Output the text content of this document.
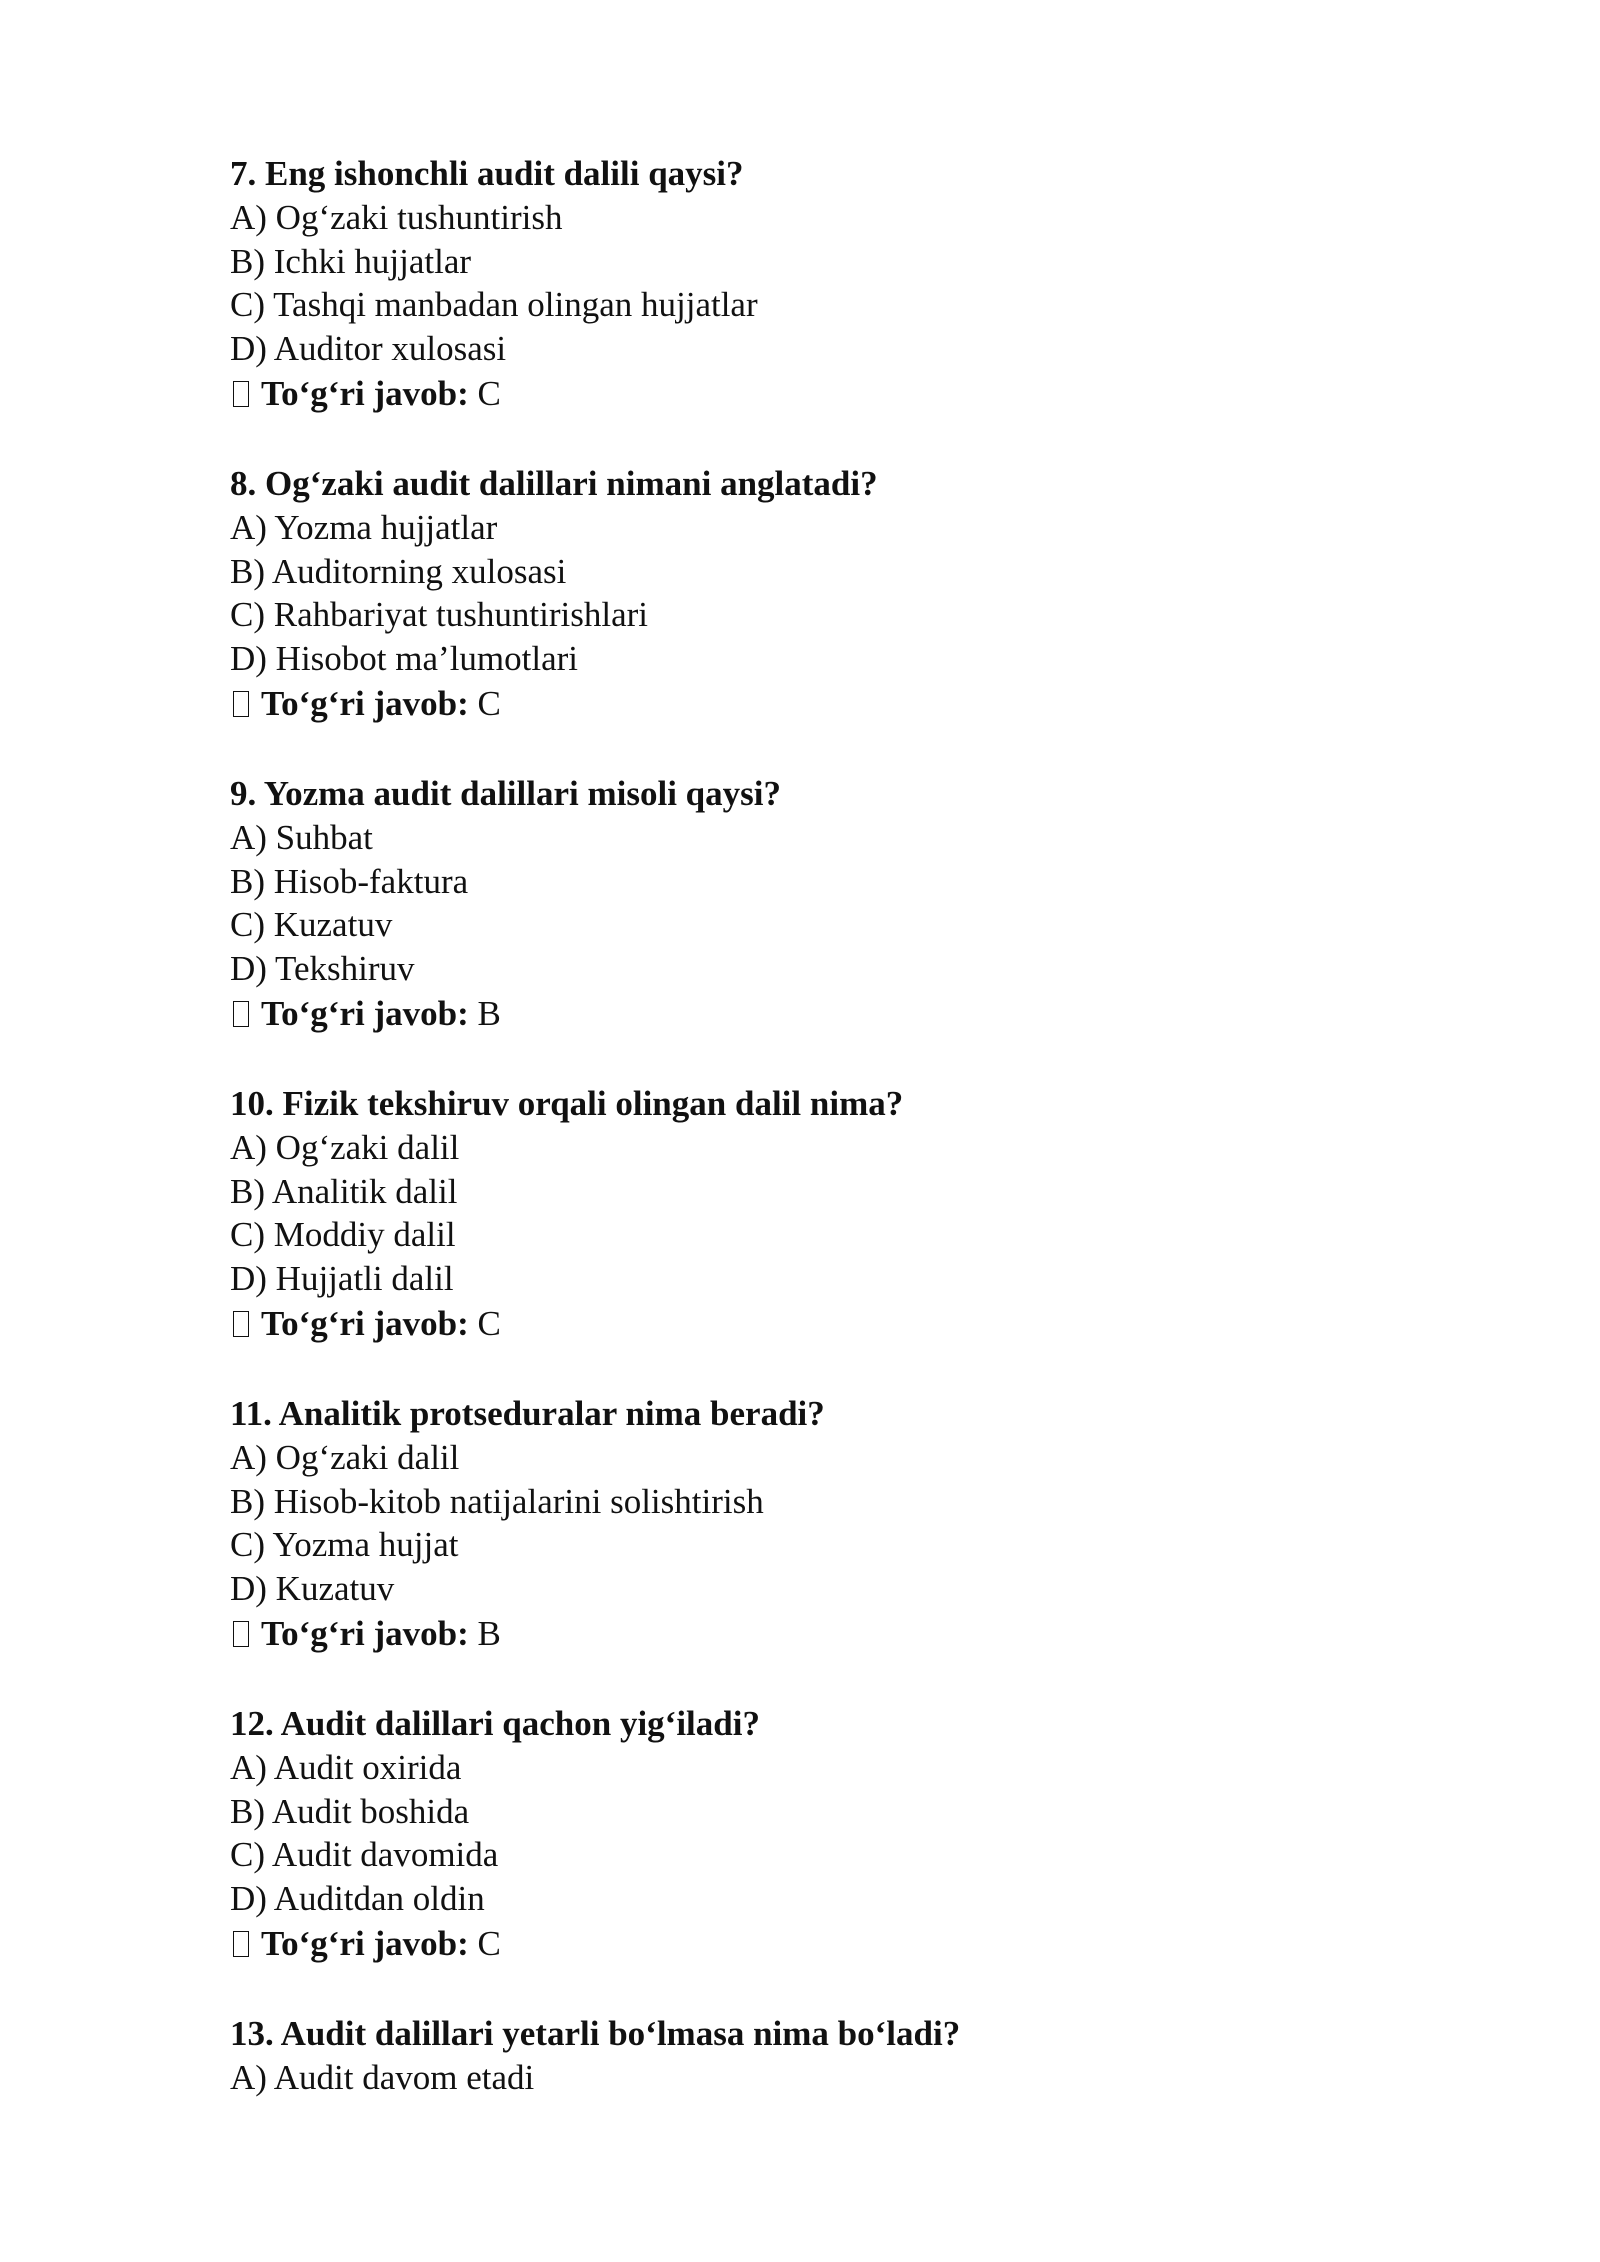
7. Eng ishonchli audit dalili qaysi?
A) Og‘zaki tushuntirish
B) Ichki hujjatlar
C) Tashqi manbadan olingan hujjatlar
D) Auditor xulosasi
To‘g‘ri javob: C
8. Og‘zaki audit dalillari nimani anglatadi?
A) Yozma hujjatlar
B) Auditorning xulosasi
C) Rahbariyat tushuntirishlari
D) Hisobot ma’lumotlari
To‘g‘ri javob: C
9. Yozma audit dalillari misoli qaysi?
A) Suhbat
B) Hisob-faktura
C) Kuzatuv
D) Tekshiruv
To‘g‘ri javob: B
10. Fizik tekshiruv orqali olingan dalil nima?
A) Og‘zaki dalil
B) Analitik dalil
C) Moddiy dalil
D) Hujjatli dalil
To‘g‘ri javob: C
11. Analitik protseduralar nima beradi?
A) Og‘zaki dalil
B) Hisob-kitob natijalarini solishtirish
C) Yozma hujjat
D) Kuzatuv
To‘g‘ri javob: B
12. Audit dalillari qachon yig‘iladi?
A) Audit oxirida
B) Audit boshida
C) Audit davomida
D) Auditdan oldin
To‘g‘ri javob: C
13. Audit dalillari yetarli bo‘lmasa nima bo‘ladi?
A) Audit davom etadi
